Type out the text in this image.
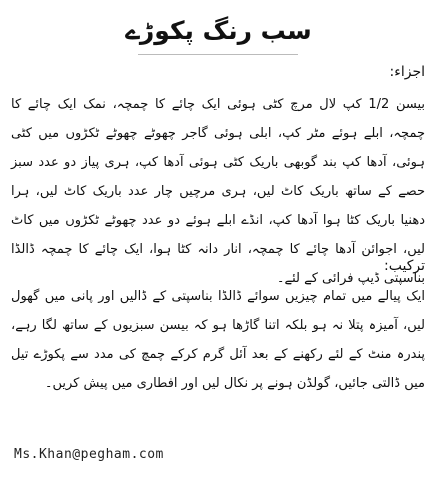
سب رنگ پکوڑے
اجزاء:
بیسن 1/2 کپ لال مرچ کٹی ہوئی ایک چائے کا چمچہ، نمک ایک چائے کا چمچہ، ابلے ہوئے مٹر کپ، ابلی ہوئی گاجر چھوٹے چھوٹے ٹکڑوں میں کٹی ہوئی، آدھا کپ بند گوبھی باریک کٹی ہوئی آدھا کپ، ہری پیاز دو عدد سبز حصے کے ساتھ باریک کاٹ لیں، ہری مرچیں چار عدد باریک کاٹ لیں، ہرا دھنیا باریک کٹا ہوا آدھا کپ، انڈے ابلے ہوئے دو عدد چھوٹے ٹکڑوں میں کاٹ لیں، اجوائن آدھا چائے کا چمچہ، انار دانہ کٹا ہوا، ایک چائے کا چمچہ ڈالڈا بناسپتی ڈیپ فرائی کے لئے۔
ترکیب:
ایک پیالے میں تمام چیزیں سوائے ڈالڈا بناسپتی کے ڈالیں اور پانی میں گھول لیں، آمیزہ پتلا نہ ہو بلکہ اتنا گاڑھا ہو کہ بیسن سبزیوں کے ساتھ لگا رہے، پندرہ منٹ کے لئے رکھنے کے بعد آئل گرم کرکے چمچ کی مدد سے پکوڑے تیل میں ڈالتی جائیں، گولڈن ہونے پر نکال لیں اور افطاری میں پیش کریں۔
Ms.Khan@pegham.com
